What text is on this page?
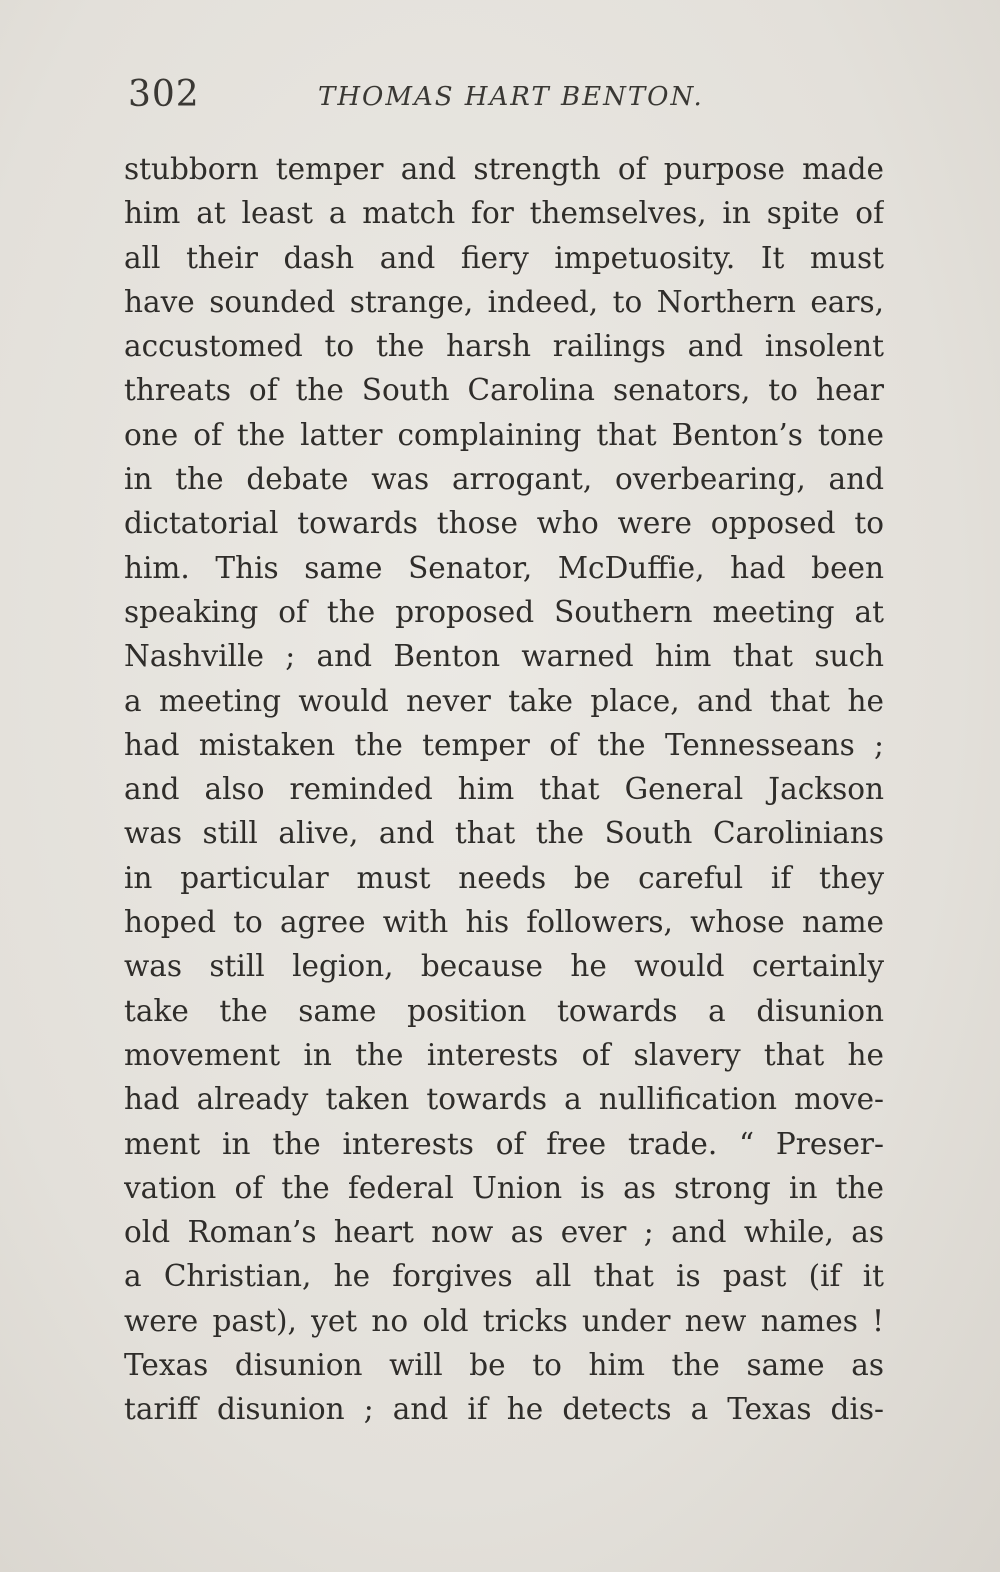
302	THOMAS HART BENTON.
stubborn temper and strength of purpose made
him at least a match for themselves, in spite of
all their dash and fiery impetuosity. It must
have sounded strange, indeed, to Northern ears,
accustomed to the harsh railings and insolent
threats of the South Carolina senators, to hear
one of the latter complaining that Benton’s tone
in the debate was arrogant, overbearing, and
dictatorial towards those who were opposed to
him. This same Senator, McDuffie, had been
speaking of the proposed Southern meeting at
Nashville ; and Benton warned him that such
a meeting would never take place, and that he
had mistaken the temper of the Tennesseans ;
and also reminded him that General Jackson
was still alive, and that the South Carolinians
in particular must needs be careful if they
hoped to agree with his followers, whose name
was still legion, because he would certainly
take the same position towards a disunion
movement in the interests of slavery that he
had already taken towards a nullification move-
ment in the interests of free trade. “ Preser-
vation of the federal Union is as strong in the
old Roman’s heart now as ever ; and while, as
a Christian, he forgives all that is past (if it
were past), yet no old tricks under new names !
Texas disunion will be to him the same as
tariff disunion ; and if he detects a Texas dis-
